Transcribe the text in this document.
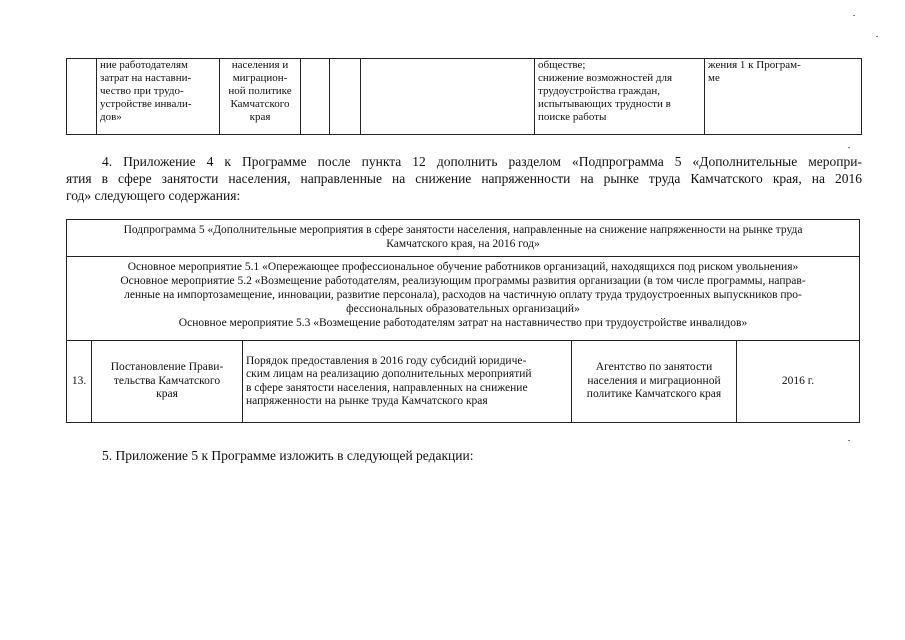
	ние работодателям
затрат на наставни-
чество при трудо-
устройстве инвали-
дов»	населения и
миграцион-
ной политике
Камчатского
края				обществе;
снижение возможностей для
трудоустройства граждан,
испытывающих трудности в
поиске работы	жения 1 к Програм-
ме
4. Приложение 4 к Программе после пункта 12 дополнить разделом «Подпрограмма 5 «Дополнительные меропри-
ятия в сфере занятости населения, направленные на снижение напряженности на рынке труда Камчатского края, на 2016
год» следующего содержания:
Подпрограмма 5 «Дополнительные мероприятия в сфере занятости населения, направленные на снижение напряженности на рынке труда
Камчатского края, на 2016 год»

Основное мероприятие 5.1 «Опережающее профессиональное обучение работников организаций, находящихся под риском увольнения»
Основное мероприятие 5.2 «Возмещение работодателям, реализующим программы развития организации (в том числе программы, направ-
ленные на импортозамещение, инновации, развитие персонала), расходов на частичную оплату труда трудоустроенных выпускников про-
фессиональных образовательных организаций»
Основное мероприятие 5.3 «Возмещение работодателям затрат на наставничество при трудоустройстве инвалидов»

13.	Постановление Прави-
тельства Камчатского
края	Порядок предоставления в 2016 году субсидий юридиче-
ским лицам на реализацию дополнительных мероприятий
в сфере занятости населения, направленных на снижение
напряженности на рынке труда Камчатского края	Агентство по занятости
населения и миграционной
политике Камчатского края	2016 г.
5. Приложение 5 к Программе изложить в следующей редакции:
